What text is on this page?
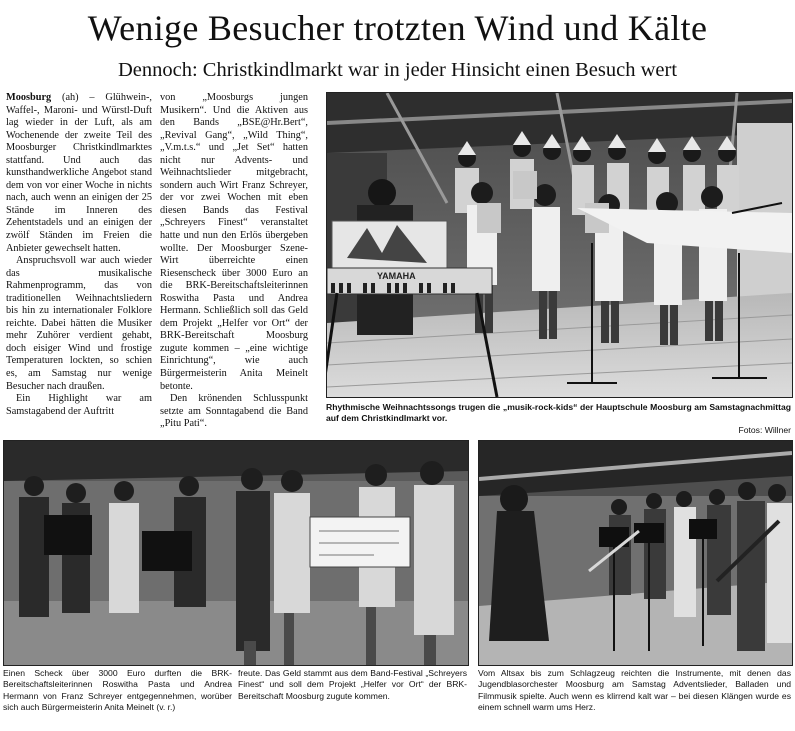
Wenige Besucher trotzten Wind und Kälte
Dennoch: Christkindlmarkt war in jeder Hinsicht einen Besuch wert

Moosburg (ah) – Glühwein-, Waffel-, Maroni- und Würstl-Duft lag wieder in der Luft, als am Wochenende der zweite Teil des Moosburger Christkindlmarktes stattfand. Und auch das kunsthandwerkliche Angebot stand dem von vor einer Woche in nichts nach, auch wenn an einigen der 25 Stände im Inneren des Zehentstadels und an einigen der zwölf Ständen im Freien die Anbieter gewechselt hatten.

Anspruchsvoll war auch wieder das musikalische Rahmenprogramm, das von traditionellen Weihnachtsliedern bis hin zu internationaler Folklore reichte. Dabei hätten die Musiker mehr Zuhörer verdient gehabt, doch eisiger Wind und frostige Temperaturen lockten, so schien es, am Samstag nur wenige Besucher nach draußen.

Ein Highlight war am Samstagabend der Auftritt

von „Moosburgs jungen Musikern“. Und die Aktiven aus den Bands „BSE@Hr.Bert“, „Revival Gang“, „Wild Thing“, „V.m.t.s.“ und „Jet Set“ hatten nicht nur Advents- und Weihnachtslieder mitgebracht, sondern auch Wirt Franz Schreyer, der vor zwei Wochen mit eben diesen Bands das Festival „Schreyers Finest“ veranstaltet hatte und nun den Erlös übergeben wollte. Der Moosburger Szene-Wirt überreichte einen Riesenscheck über 3000 Euro an die BRK-Bereitschaftsleiterinnen Roswitha Pasta und Andrea Hermann. Schließlich soll das Geld dem Projekt „Helfer vor Ort“ der BRK-Bereitschaft Moosburg zugute kommen – „eine wichtige Einrichtung“, wie auch Bürgermeisterin Anita Meinelt betonte.

Den krönenden Schlusspunkt setzte am Sonntagabend die Band „Pitu Pati“.

YAMAHA
Rhythmische Weihnachtssongs trugen die „musik-rock-kids“ der Hauptschule Moosburg am Samstagnachmittag auf dem Christkindlmarkt vor.
Fotos: Willner
Einen Scheck über 3000 Euro durften die BRK-Bereitschaftsleiterinnen Roswitha Pasta und Andrea Hermann von Franz Schreyer entgegennehmen, worüber sich auch Bürgermeisterin Anita Meinelt (v. r.)
freute. Das Geld stammt aus dem Band-Festival „Schreyers Finest“ und soll dem Projekt „Helfer vor Ort“ der BRK-Bereitschaft Moosburg zugute kommen.
Vom Altsax bis zum Schlagzeug reichten die Instrumente, mit denen das Jugendblasorchester Moosburg am Samstag Adventslieder, Balladen und Filmmusik spielte. Auch wenn es klirrend kalt war – bei diesen Klängen wurde es einem schnell warm ums Herz.
